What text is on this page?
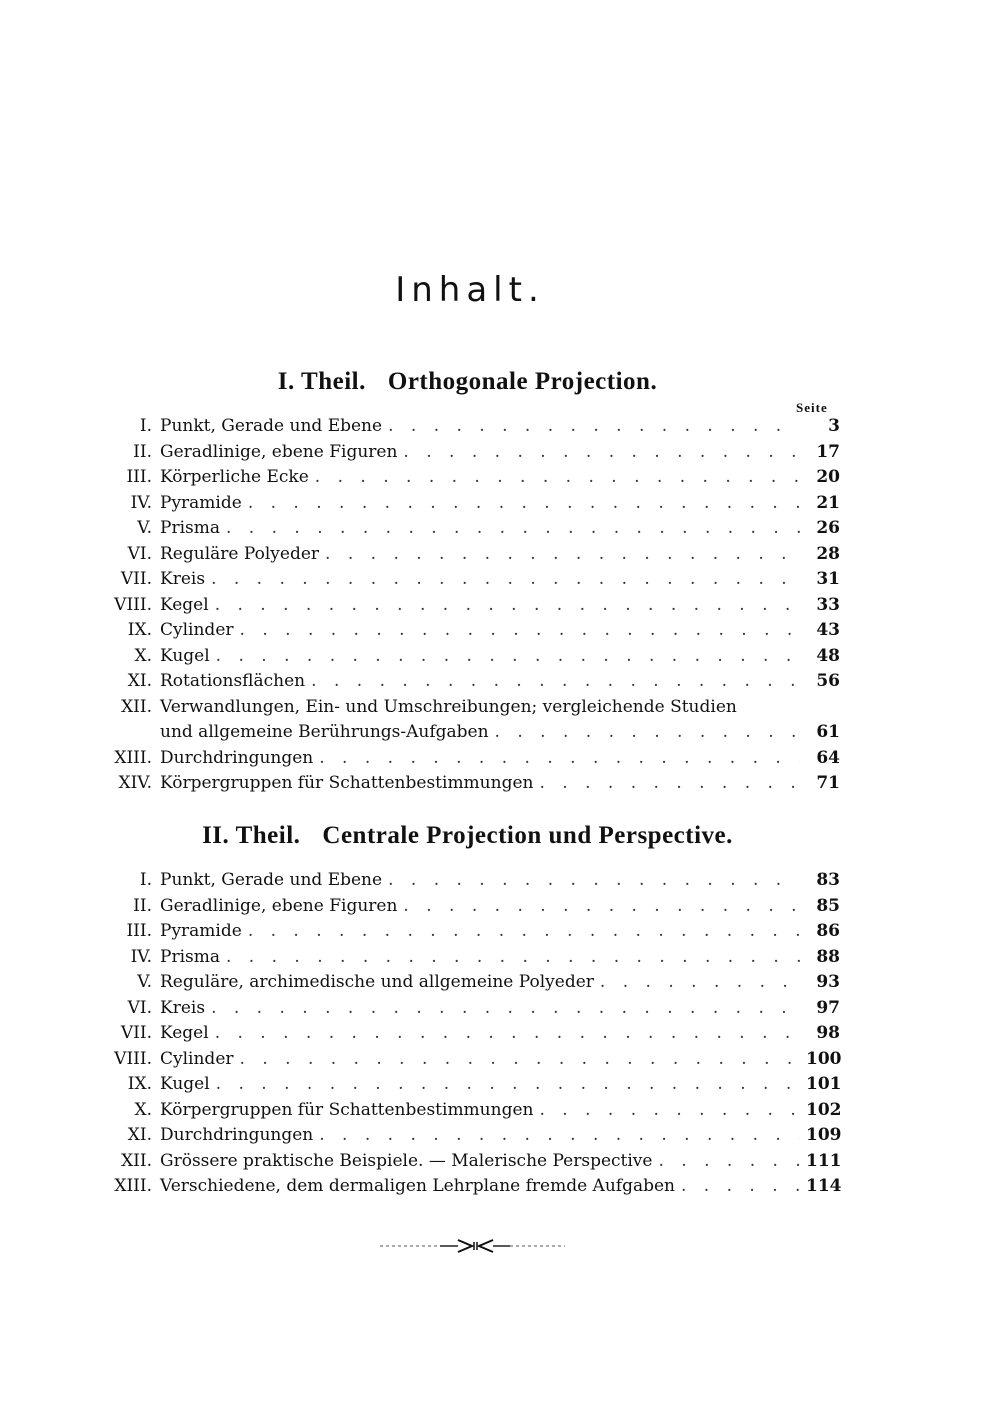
Inhalt.
I. Theil. Orthogonale Projection.
Seite
I. Punkt, Gerade und Ebene . . .	3
II. Geradlinige, ebene Figuren . . .	17
III. Körperliche Ecke . . .	20
IV. Pyramide . . .	21
V. Prisma . . .	26
VI. Reguläre Polyeder . . .	28
VII. Kreis . . .	31
VIII. Kegel . . .	33
IX. Cylinder . . .	43
X. Kugel . . .	48
XI. Rotationsflächen . . .	56
XII. Verwandlungen, Ein- und Umschreibungen; vergleichende Studien
und allgemeine Berührungs-Aufgaben . . .	61
XIII. Durchdringungen . . .	64
XIV. Körpergruppen für Schattenbestimmungen . . .	71
II. Theil. Centrale Projection und Perspective.
I. Punkt, Gerade und Ebene . . .	83
II. Geradlinige, ebene Figuren . . .	85
III. Pyramide . . .	86
IV. Prisma . . .	88
V. Reguläre, archimedische und allgemeine Polyeder . . .	93
VI. Kreis . . .	97
VII. Kegel . . .	98
VIII. Cylinder . . .	100
IX. Kugel . . .	101
X. Körpergruppen für Schattenbestimmungen . . .	102
XI. Durchdringungen . . .	109
XII. Grössere praktische Beispiele. — Malerische Perspective . . .	111
XIII. Verschiedene, dem dermaligen Lehrplane fremde Aufgaben . . .	114
